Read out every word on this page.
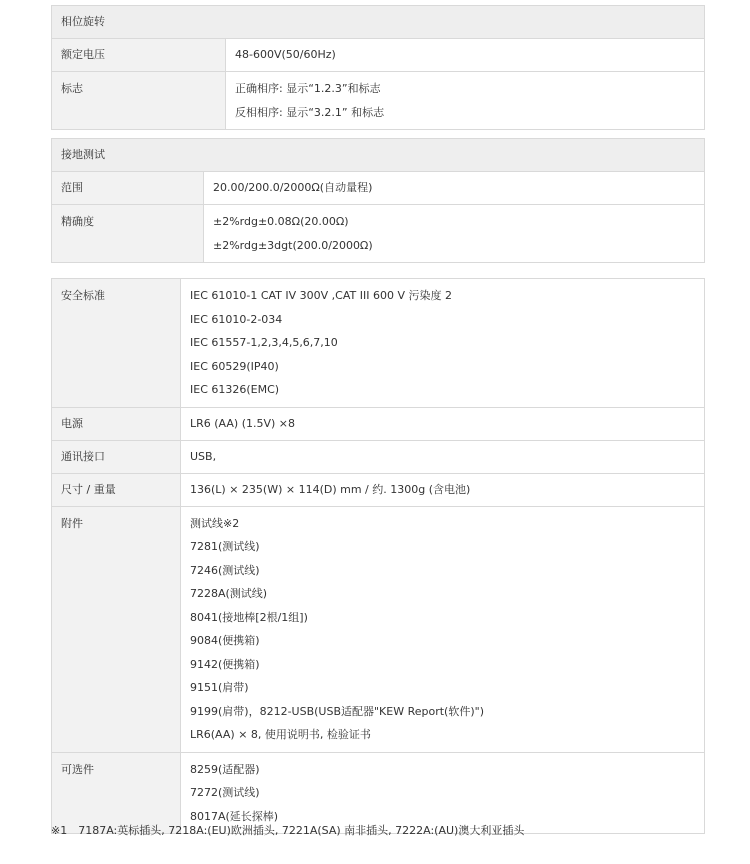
相位旋转
额定电压	48-600V(50/60Hz)
标志	正确相序: 显示“1.2.3”和标志
反相相序: 显示“3.2.1” 和标志
接地测试
范围	20.00/200.0/2000Ω(自动量程)
精确度	±2%rdg±0.08Ω(20.00Ω)
±2%rdg±3dgt(200.0/2000Ω)
安全标准	IEC 61010-1 CAT IV 300V ,CAT III 600 V 污染度 2
IEC 61010-2-034
IEC 61557-1,2,3,4,5,6,7,10
IEC 60529(IP40)
IEC 61326(EMC)
电源	LR6 (AA) (1.5V) ×8
通讯接口	USB,
尺寸 / 重量	136(L) × 235(W) × 114(D) mm / 约. 1300g (含电池)
附件	测试线※2
7281(测试线)
7246(测试线)
7228A(测试线)
8041(接地棒[2根/1组])
9084(便携箱)
9142(便携箱)
9151(肩带)
9199(肩带)，8212-USB(USB适配器"KEW Report(软件)")
LR6(AA) × 8, 使用说明书, 检验证书
可选件	8259(适配器)
7272(测试线)
8017A(延长探棒)
※1　7187A:英标插头, 7218A:(EU)欧洲插头, 7221A(SA) 南非插头, 7222A:(AU)澳大利亚插头
